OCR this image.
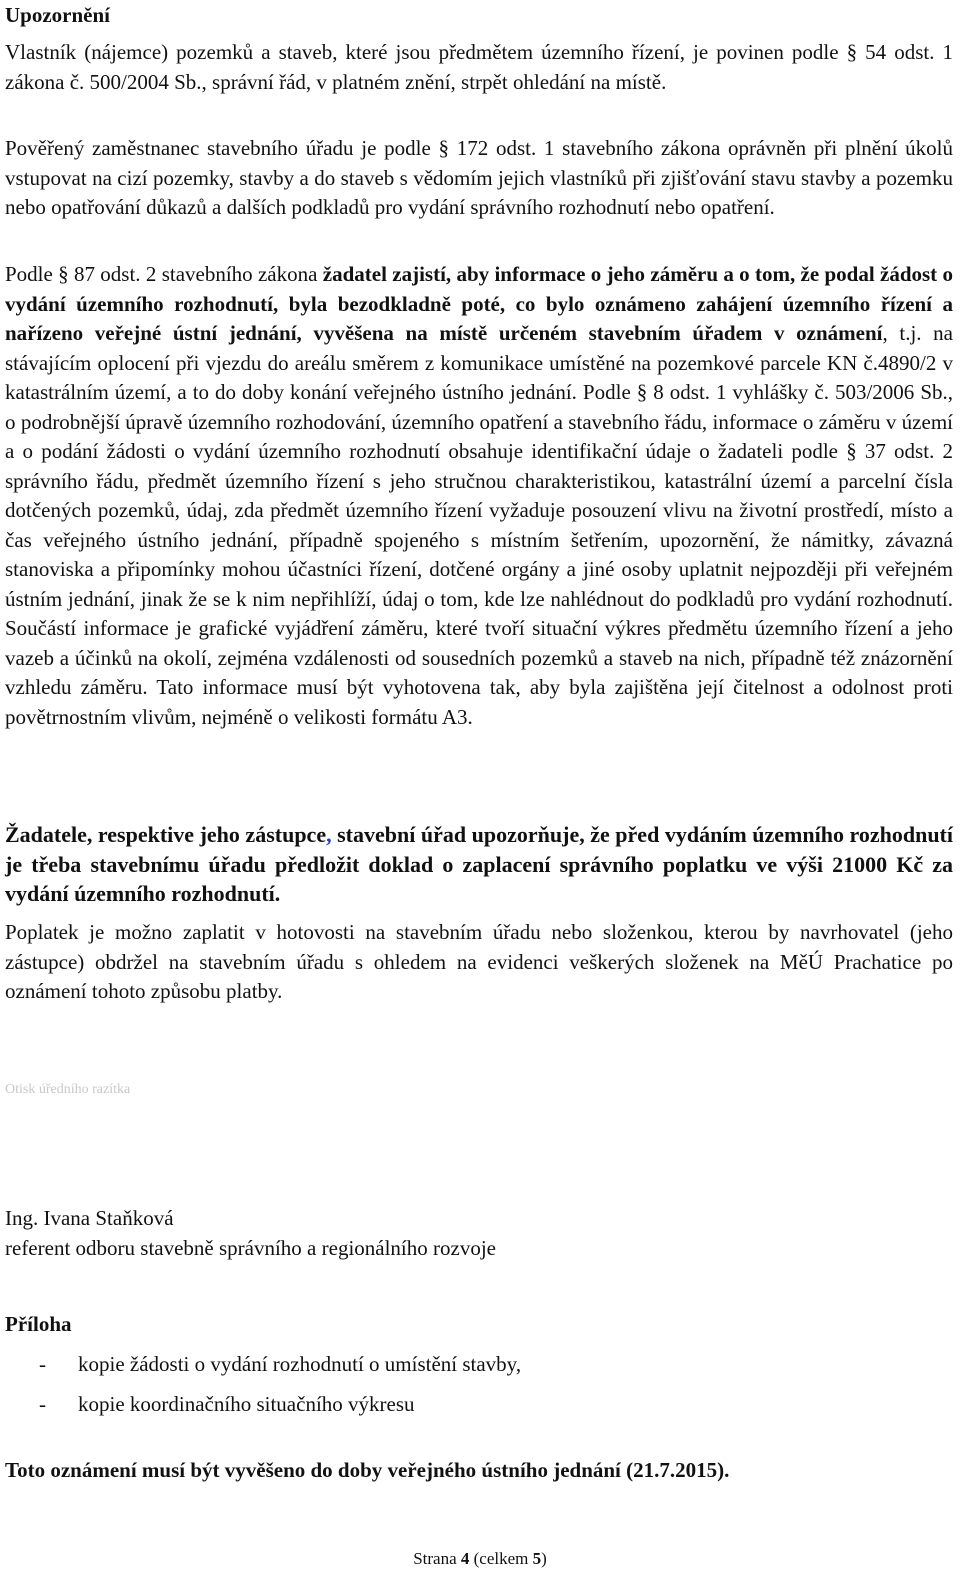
Upozornění

Vlastník (nájemce) pozemků a staveb, které jsou předmětem územního řízení, je povinen podle § 54 odst. 1 zákona č. 500/2004 Sb., správní řád, v platném znění, strpět ohledání na místě.

Pověřený zaměstnanec stavebního úřadu je podle § 172 odst. 1 stavebního zákona oprávněn při plnění úkolů vstupovat na cizí pozemky, stavby a do staveb s vědomím jejich vlastníků při zjišťování stavu stavby a pozemku nebo opatřování důkazů a dalších podkladů pro vydání správního rozhodnutí nebo opatření.

Podle § 87 odst. 2 stavebního zákona žadatel zajistí, aby informace o jeho záměru a o tom, že podal žádost o vydání územního rozhodnutí, byla bezodkladně poté, co bylo oznámeno zahájení územního řízení a nařízeno veřejné ústní jednání, vyvěšena na místě určeném stavebním úřadem v oznámení, t.j. na stávajícím oplocení při vjezdu do areálu směrem z komunikace umístěné na pozemkové parcele KN č.4890/2 v katastrálním území, a to do doby konání veřejného ústního jednání. Podle § 8 odst. 1 vyhlášky č. 503/2006 Sb., o podrobnější úpravě územního rozhodování, územního opatření a stavebního řádu, informace o záměru v území a o podání žádosti o vydání územního rozhodnutí obsahuje identifikační údaje o žadateli podle § 37 odst. 2 správního řádu, předmět územního řízení s jeho stručnou charakteristikou, katastrální území a parcelní čísla dotčených pozemků, údaj, zda předmět územního řízení vyžaduje posouzení vlivu na životní prostředí, místo a čas veřejného ústního jednání, případně spojeného s místním šetřením, upozornění, že námitky, závazná stanoviska a připomínky mohou účastníci řízení, dotčené orgány a jiné osoby uplatnit nejpozději při veřejném ústním jednání, jinak že se k nim nepřihlíží, údaj o tom, kde lze nahlédnout do podkladů pro vydání rozhodnutí. Součástí informace je grafické vyjádření záměru, které tvoří situační výkres předmětu územního řízení a jeho vazeb a účinků na okolí, zejména vzdálenosti od sousedních pozemků a staveb na nich, případně též znázornění vzhledu záměru. Tato informace musí být vyhotovena tak, aby byla zajištěna její čitelnost a odolnost proti povětrnostním vlivům, nejméně o velikosti formátu A3.

Žadatele, respektive jeho zástupce, stavební úřad upozorňuje, že před vydáním územního rozhodnutí je třeba stavebnímu úřadu předložit doklad o zaplacení správního poplatku ve výši 21000 Kč za vydání územního rozhodnutí.

Poplatek je možno zaplatit v hotovosti na stavebním úřadu nebo složenkou, kterou by navrhovatel (jeho zástupce) obdržel na stavebním úřadu s ohledem na evidenci veškerých složenek na MěÚ Prachatice po oznámení tohoto způsobu platby.

Otisk úředního razítka
Ing. Ivana Staňková
referent odboru stavebně správního a regionálního rozvoje
Příloha
- kopie žádosti o vydání rozhodnutí o umístění stavby,
- kopie koordinačního situačního výkresu
Toto oznámení musí být vyvěšeno do doby veřejného ústního jednání (21.7.2015).
Strana 4 (celkem 5)
